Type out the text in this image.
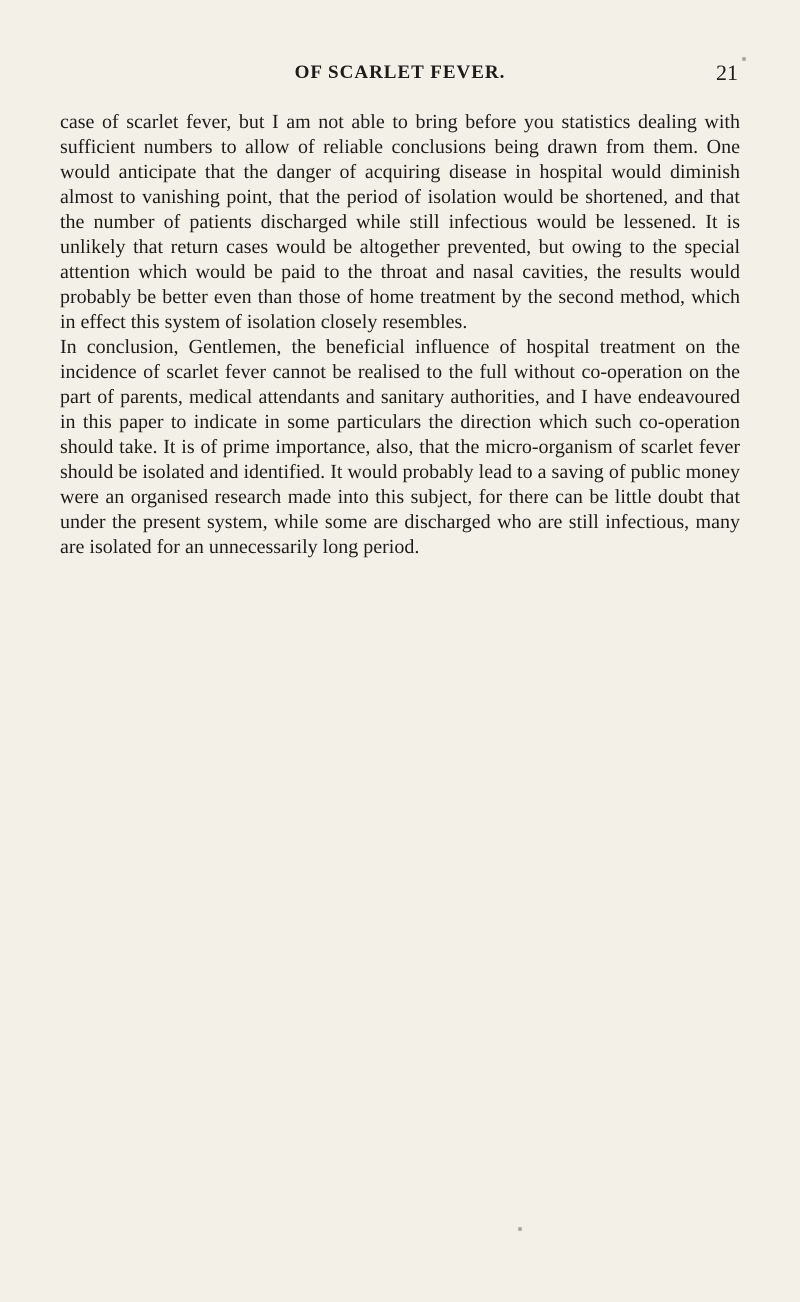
OF SCARLET FEVER.	21

case of scarlet fever, but I am not able to bring before you statistics dealing with sufficient numbers to allow of reliable conclusions being drawn from them. One would anticipate that the danger of acquiring disease in hospital would diminish almost to vanishing point, that the period of isolation would be shortened, and that the number of patients discharged while still infectious would be lessened. It is unlikely that return cases would be altogether prevented, but owing to the special attention which would be paid to the throat and nasal cavities, the results would probably be better even than those of home treatment by the second method, which in effect this system of isolation closely resembles.

In conclusion, Gentlemen, the beneficial influence of hospital treatment on the incidence of scarlet fever cannot be realised to the full without co-operation on the part of parents, medical attendants and sanitary authorities, and I have endeavoured in this paper to indicate in some particulars the direction which such co-operation should take. It is of prime importance, also, that the micro-organism of scarlet fever should be isolated and identified. It would probably lead to a saving of public money were an organised research made into this subject, for there can be little doubt that under the present system, while some are discharged who are still infectious, many are isolated for an unnecessarily long period.
